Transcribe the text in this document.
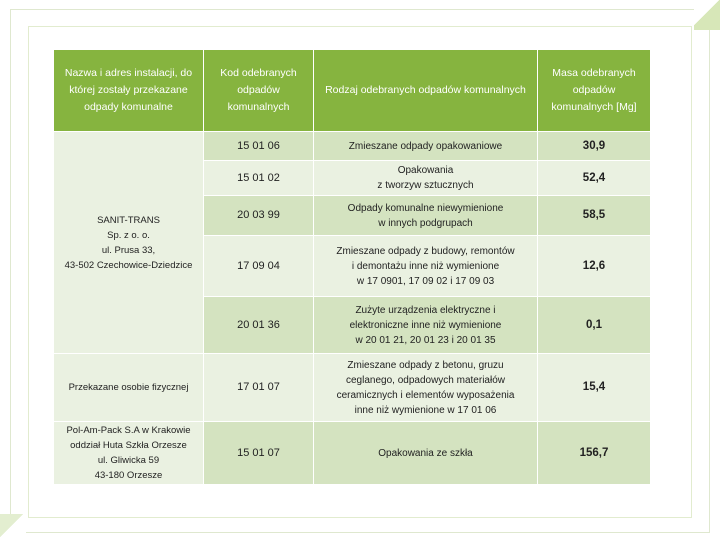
Nazwa i adres instalacji, do której zostały przekazane odpady komunalne	Kod odebranych odpadów komunalnych	Rodzaj odebranych odpadów komunalnych	Masa odebranych odpadów komunalnych [Mg]
SANIT-TRANS
Sp. z o. o.
ul. Prusa 33,
43-502 Czechowice-Dziedzice	15 01 06	Zmieszane odpady opakowaniowe	30,9
	15 01 02	Opakowania
z tworzyw sztucznych	52,4
	20 03 99	Odpady komunalne niewymienione
w innych podgrupach	58,5
	17 09 04	Zmieszane odpady z budowy, remontów
i demontażu inne niż wymienione
w 17 0901, 17 09 02 i 17 09 03	12,6
	20 01 36	Zużyte urządzenia elektryczne i
elektroniczne inne niż wymienione
w 20 01 21, 20 01 23 i 20 01 35	0,1
Przekazane osobie fizycznej	17 01 07	Zmieszane odpady z betonu, gruzu
ceglanego, odpadowych materiałów
ceramicznych i elementów wyposażenia
inne niż wymienione w 17 01 06	15,4
Pol-Am-Pack S.A w Krakowie
oddział Huta Szkła Orzesze
ul. Gliwicka 59
43-180 Orzesze	15 01 07	Opakowania ze szkła	156,7
